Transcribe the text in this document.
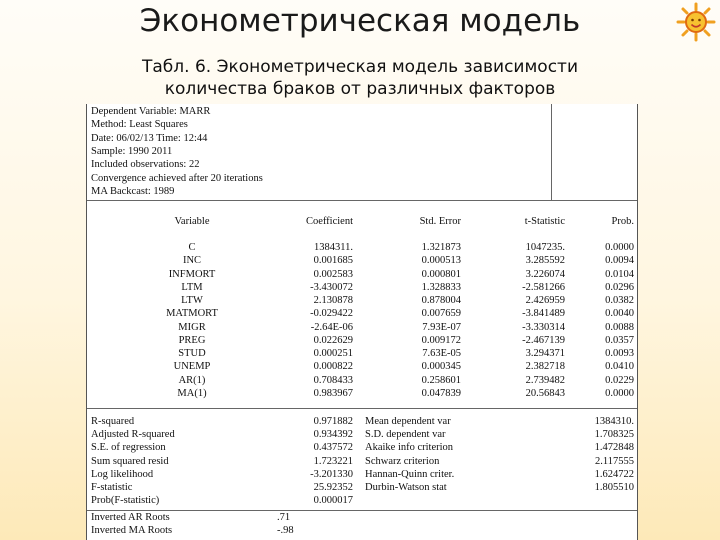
Эконометрическая модель
Табл. 6. Эконометрическая модель зависимости
количества браков от различных факторов
Dependent Variable: MARR
Method: Least Squares
Date: 06/02/13 Time: 12:44
Sample: 1990 2011
Included observations: 22
Convergence achieved after 20 iterations
MA Backcast: 1989
Variable	Coefficient	Std. Error	t-Statistic	Prob.
C	1384311.	1.321873	1047235.	0.0000
INC	0.001685	0.000513	3.285592	0.0094
INFMORT	0.002583	0.000801	3.226074	0.0104
LTM	-3.430072	1.328833	-2.581266	0.0296
LTW	2.130878	0.878004	2.426959	0.0382
MATMORT	-0.029422	0.007659	-3.841489	0.0040
MIGR	-2.64E-06	7.93E-07	-3.330314	0.0088
PREG	0.022629	0.009172	-2.467139	0.0357
STUD	0.000251	7.63E-05	3.294371	0.0093
UNEMP	0.000822	0.000345	2.382718	0.0410
AR(1)	0.708433	0.258601	2.739482	0.0229
MA(1)	0.983967	0.047839	20.56843	0.0000
R-squared	0.971882 Mean dependent var	1384310.
Adjusted R-squared	0.934392 S.D. dependent var	1.708325
S.E. of regression	0.437572 Akaike info criterion	1.472848
Sum squared resid	1.723221 Schwarz criterion	2.117555
Log likelihood	-3.201330 Hannan-Quinn criter.	1.624722
F-statistic	25.92352 Durbin-Watson stat	1.805510
Prob(F-statistic)	0.000017
Inverted AR Roots	.71
Inverted MA Roots	-.98
